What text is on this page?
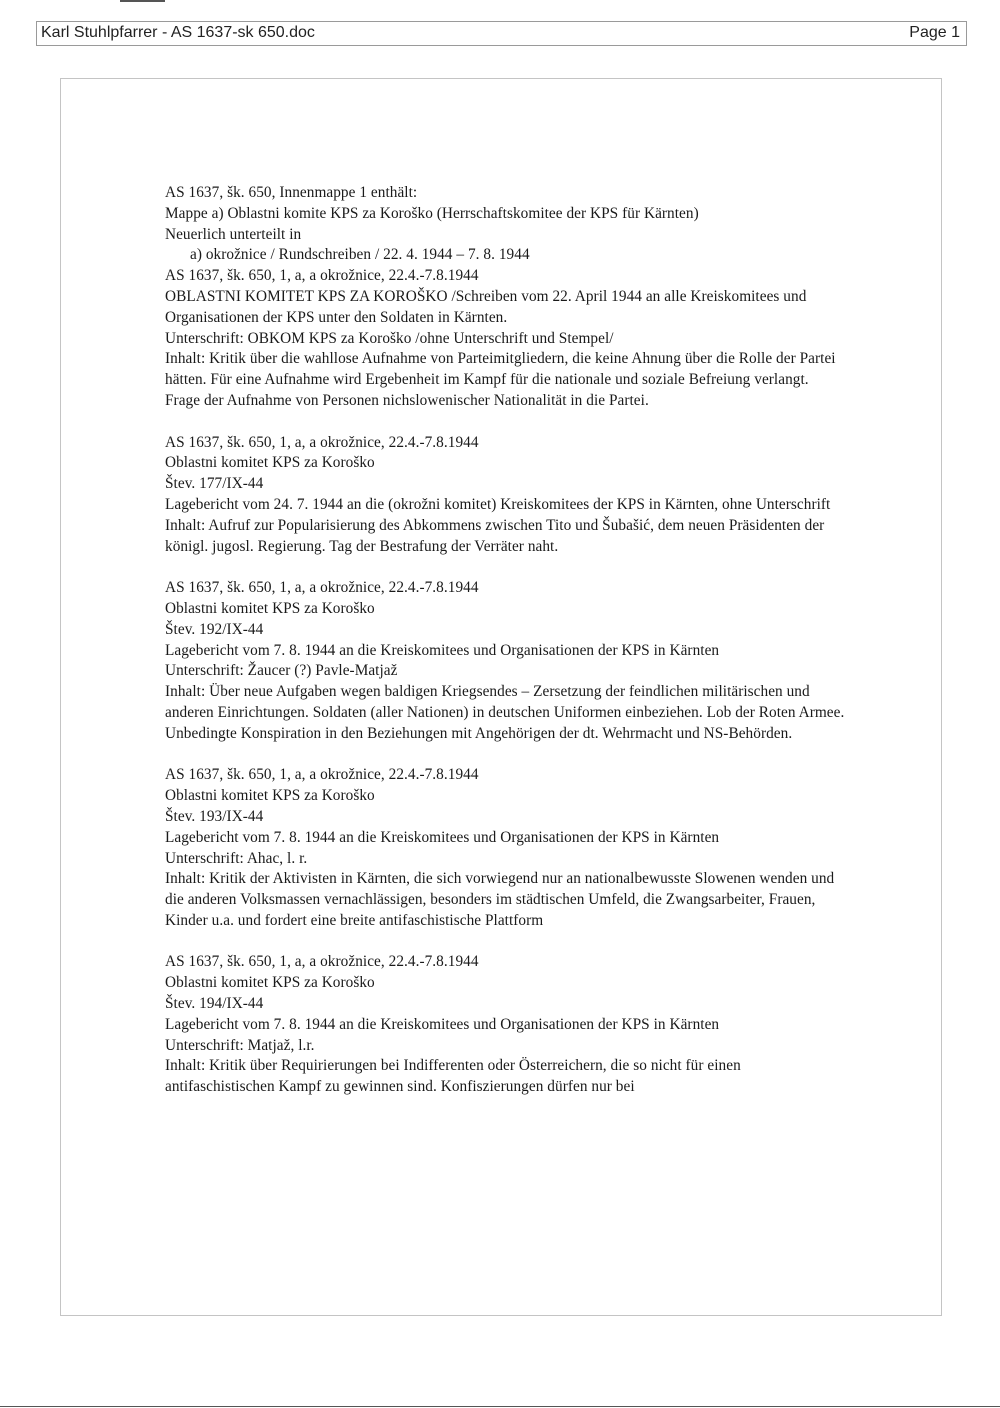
Karl Stuhlpfarrer - AS 1637-sk 650.doc	Page 1

AS 1637, šk. 650, Innenmappe 1 enthält:

Mappe a) Oblastni komite KPS za Koroško (Herrschaftskomitee der KPS für Kärnten)

Neuerlich unterteilt in

a) okrožnice / Rundschreiben / 22. 4. 1944 – 7. 8. 1944

AS 1637, šk. 650, 1, a, a okrožnice, 22.4.-7.8.1944

OBLASTNI KOMITET KPS ZA KOROŠKO /Schreiben vom 22. April 1944 an alle Kreiskomitees und Organisationen der KPS unter den Soldaten in Kärnten.

Unterschrift: OBKOM KPS za Koroško /ohne Unterschrift und Stempel/

Inhalt: Kritik über die wahllose Aufnahme von Parteimitgliedern, die keine Ahnung über die Rolle der Partei hätten. Für eine Aufnahme wird Ergebenheit im Kampf für die nationale und soziale Befreiung verlangt. Frage der Aufnahme von Personen nichslowenischer Nationalität in die Partei.

AS 1637, šk. 650, 1, a, a okrožnice, 22.4.-7.8.1944

Oblastni komitet KPS za Koroško

Štev. 177/IX-44

Lagebericht vom 24. 7. 1944 an die (okrožni komitet) Kreiskomitees der KPS in Kärnten, ohne Unterschrift

Inhalt: Aufruf zur Popularisierung des Abkommens zwischen Tito und Šubašić, dem neuen Präsidenten der königl. jugosl. Regierung. Tag der Bestrafung der Verräter naht.

AS 1637, šk. 650, 1, a, a okrožnice, 22.4.-7.8.1944

Oblastni komitet KPS za Koroško

Štev. 192/IX-44

Lagebericht vom 7. 8. 1944 an die Kreiskomitees und Organisationen der KPS in Kärnten

Unterschrift: Žaucer (?) Pavle-Matjaž

Inhalt: Über neue Aufgaben wegen baldigen Kriegsendes – Zersetzung der feindlichen militärischen und anderen Einrichtungen. Soldaten (aller Nationen) in deutschen Uniformen einbeziehen. Lob der Roten Armee.

Unbedingte Konspiration in den Beziehungen mit Angehörigen der dt. Wehrmacht und NS-Behörden.

AS 1637, šk. 650, 1, a, a okrožnice, 22.4.-7.8.1944

Oblastni komitet KPS za Koroško

Štev. 193/IX-44

Lagebericht vom 7. 8. 1944 an die Kreiskomitees und Organisationen der KPS in Kärnten

Unterschrift: Ahac, l. r.

Inhalt: Kritik der Aktivisten in Kärnten, die sich vorwiegend nur an nationalbewusste Slowenen wenden und die anderen Volksmassen vernachlässigen, besonders im städtischen Umfeld, die Zwangsarbeiter, Frauen, Kinder u.a. und fordert eine breite antifaschistische Plattform

AS 1637, šk. 650, 1, a, a okrožnice, 22.4.-7.8.1944

Oblastni komitet KPS za Koroško

Štev. 194/IX-44

Lagebericht vom 7. 8. 1944 an die Kreiskomitees und Organisationen der KPS in Kärnten

Unterschrift: Matjaž, l.r.

Inhalt: Kritik über Requirierungen bei Indifferenten oder Österreichern, die so nicht für einen antifaschistischen Kampf zu gewinnen sind. Konfiszierungen dürfen nur bei
